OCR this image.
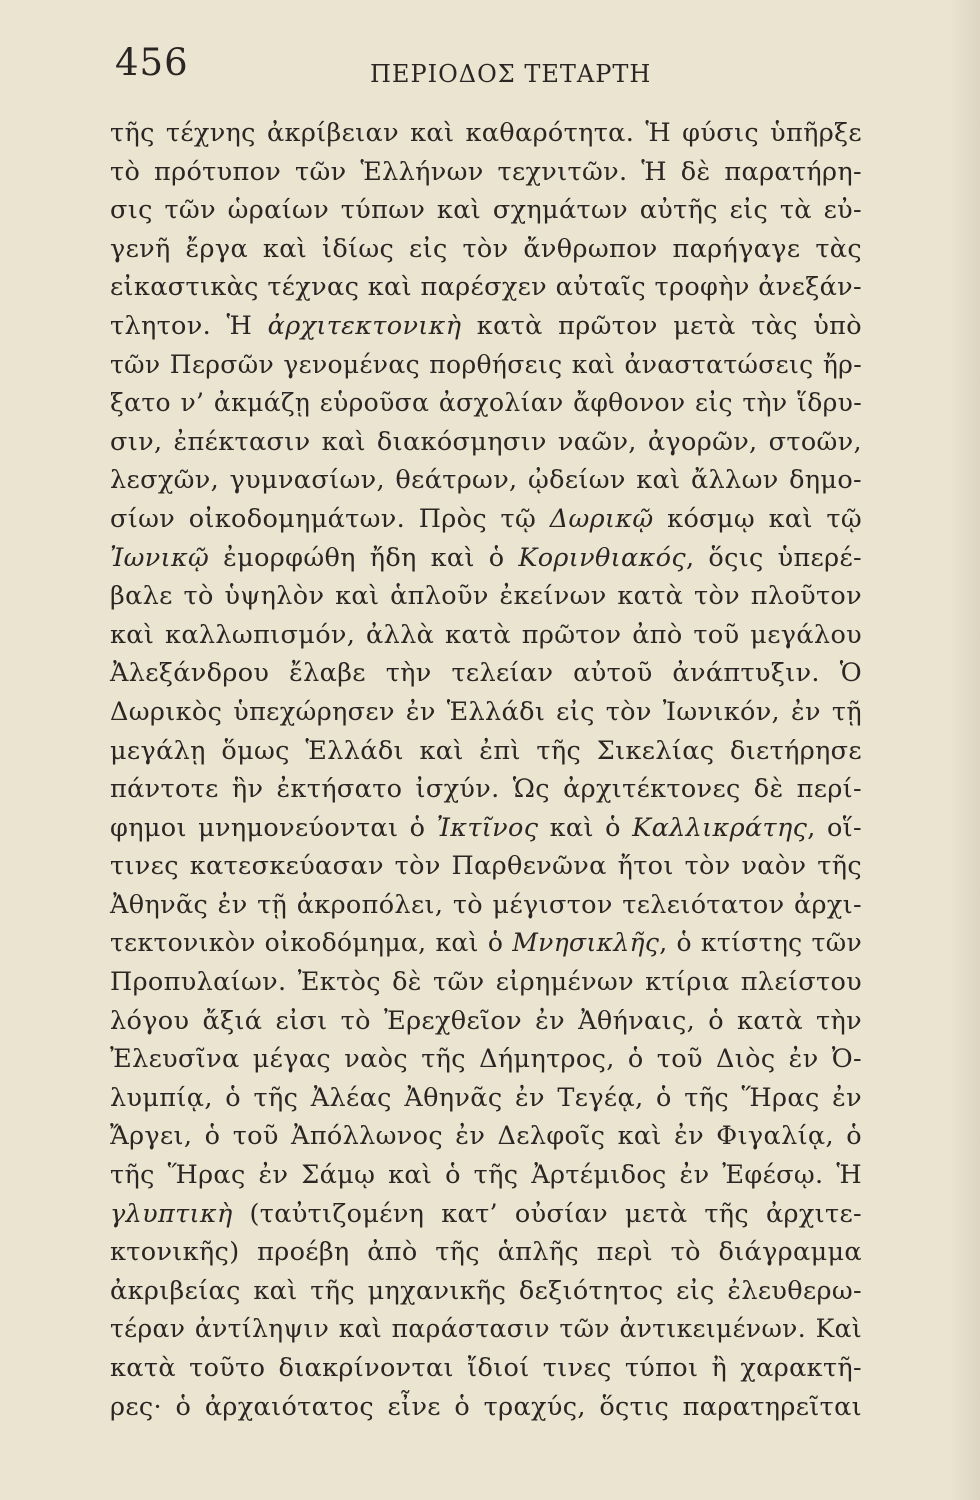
456	ΠΕΡΙΟΔΟΣ ΤΕΤΑΡΤΗ
τῆς τέχνης ἀκρίβειαν καὶ καθαρότητα. Ἡ φύσις ὑπῆρξε
τὸ πρότυπον τῶν Ἑλλήνων τεχνιτῶν. Ἡ δὲ παρατήρη-
σις τῶν ὡραίων τύπων καὶ σχημάτων αὐτῆς εἰς τὰ εὐ-
γενῆ ἔργα καὶ ἰδίως εἰς τὸν ἄνθρωπον παρήγαγε τὰς
εἰκαστικὰς τέχνας καὶ παρέσχεν αὐταῖς τροφὴν ἀνεξάν-
τλητον. Ἡ ἀρχιτεκτονικὴ κατὰ πρῶτον μετὰ τὰς ὑπὸ
τῶν Περσῶν γενομένας πορθήσεις καὶ ἀναστατώσεις ἤρ-
ξατο ν’ ἀκμάζῃ εὑροῦσα ἀσχολίαν ἄφθονον εἰς τὴν ἵδρυ-
σιν, ἐπέκτασιν καὶ διακόσμησιν ναῶν, ἀγορῶν, στοῶν,
λεσχῶν, γυμνασίων, θεάτρων, ᾠδείων καὶ ἄλλων δημο-
σίων οἰκοδομημάτων. Πρὸς τῷ Δωρικῷ κόσμῳ καὶ τῷ
Ἰωνικῷ ἐμορφώθη ἤδη καὶ ὁ Κορινθιακός, ὅςις ὑπερέ-
βαλε τὸ ὑψηλὸν καὶ ἁπλοῦν ἐκείνων κατὰ τὸν πλοῦτον
καὶ καλλωπισμόν, ἀλλὰ κατὰ πρῶτον ἀπὸ τοῦ μεγάλου
Ἀλεξάνδρου ἔλαβε τὴν τελείαν αὐτοῦ ἀνάπτυξιν. Ὁ
Δωρικὸς ὑπεχώρησεν ἐν Ἑλλάδι εἰς τὸν Ἰωνικόν, ἐν τῇ
μεγάλῃ ὅμως Ἑλλάδι καὶ ἐπὶ τῆς Σικελίας διετήρησε
πάντοτε ἣν ἐκτήσατο ἰσχύν. Ὡς ἀρχιτέκτονες δὲ περί-
φημοι μνημονεύονται ὁ Ἰκτῖνος καὶ ὁ Καλλικράτης, οἵ-
τινες κατεσκεύασαν τὸν Παρθενῶνα ἤτοι τὸν ναὸν τῆς
Ἀθηνᾶς ἐν τῇ ἀκροπόλει, τὸ μέγιστον τελειότατον ἀρχι-
τεκτονικὸν οἰκοδόμημα, καὶ ὁ Μνησικλῆς, ὁ κτίστης τῶν
Προπυλαίων. Ἐκτὸς δὲ τῶν εἰρημένων κτίρια πλείστου
λόγου ἄξιά εἰσι τὸ Ἐρεχθεῖον ἐν Ἀθήναις, ὁ κατὰ τὴν
Ἐλευσῖνα μέγας ναὸς τῆς Δήμητρος, ὁ τοῦ Διὸς ἐν Ὀ-
λυμπίᾳ, ὁ τῆς Ἀλέας Ἀθηνᾶς ἐν Τεγέᾳ, ὁ τῆς Ἥρας ἐν
Ἄργει, ὁ τοῦ Ἀπόλλωνος ἐν Δελφοῖς καὶ ἐν Φιγαλίᾳ, ὁ
τῆς Ἥρας ἐν Σάμῳ καὶ ὁ τῆς Ἀρτέμιδος ἐν Ἐφέσῳ. Ἡ
γλυπτικὴ (ταὐτιζομένη κατ’ οὐσίαν μετὰ τῆς ἀρχιτε-
κτονικῆς) προέβη ἀπὸ τῆς ἁπλῆς περὶ τὸ διάγραμμα
ἀκριβείας καὶ τῆς μηχανικῆς δεξιότητος εἰς ἐλευθερω-
τέραν ἀντίληψιν καὶ παράστασιν τῶν ἀντικειμένων. Καὶ
κατὰ τοῦτο διακρίνονται ἴδιοί τινες τύποι ἢ χαρακτῆ-
ρες· ὁ ἀρχαιότατος εἶνε ὁ τραχύς, ὅςτις παρατηρεῖται
